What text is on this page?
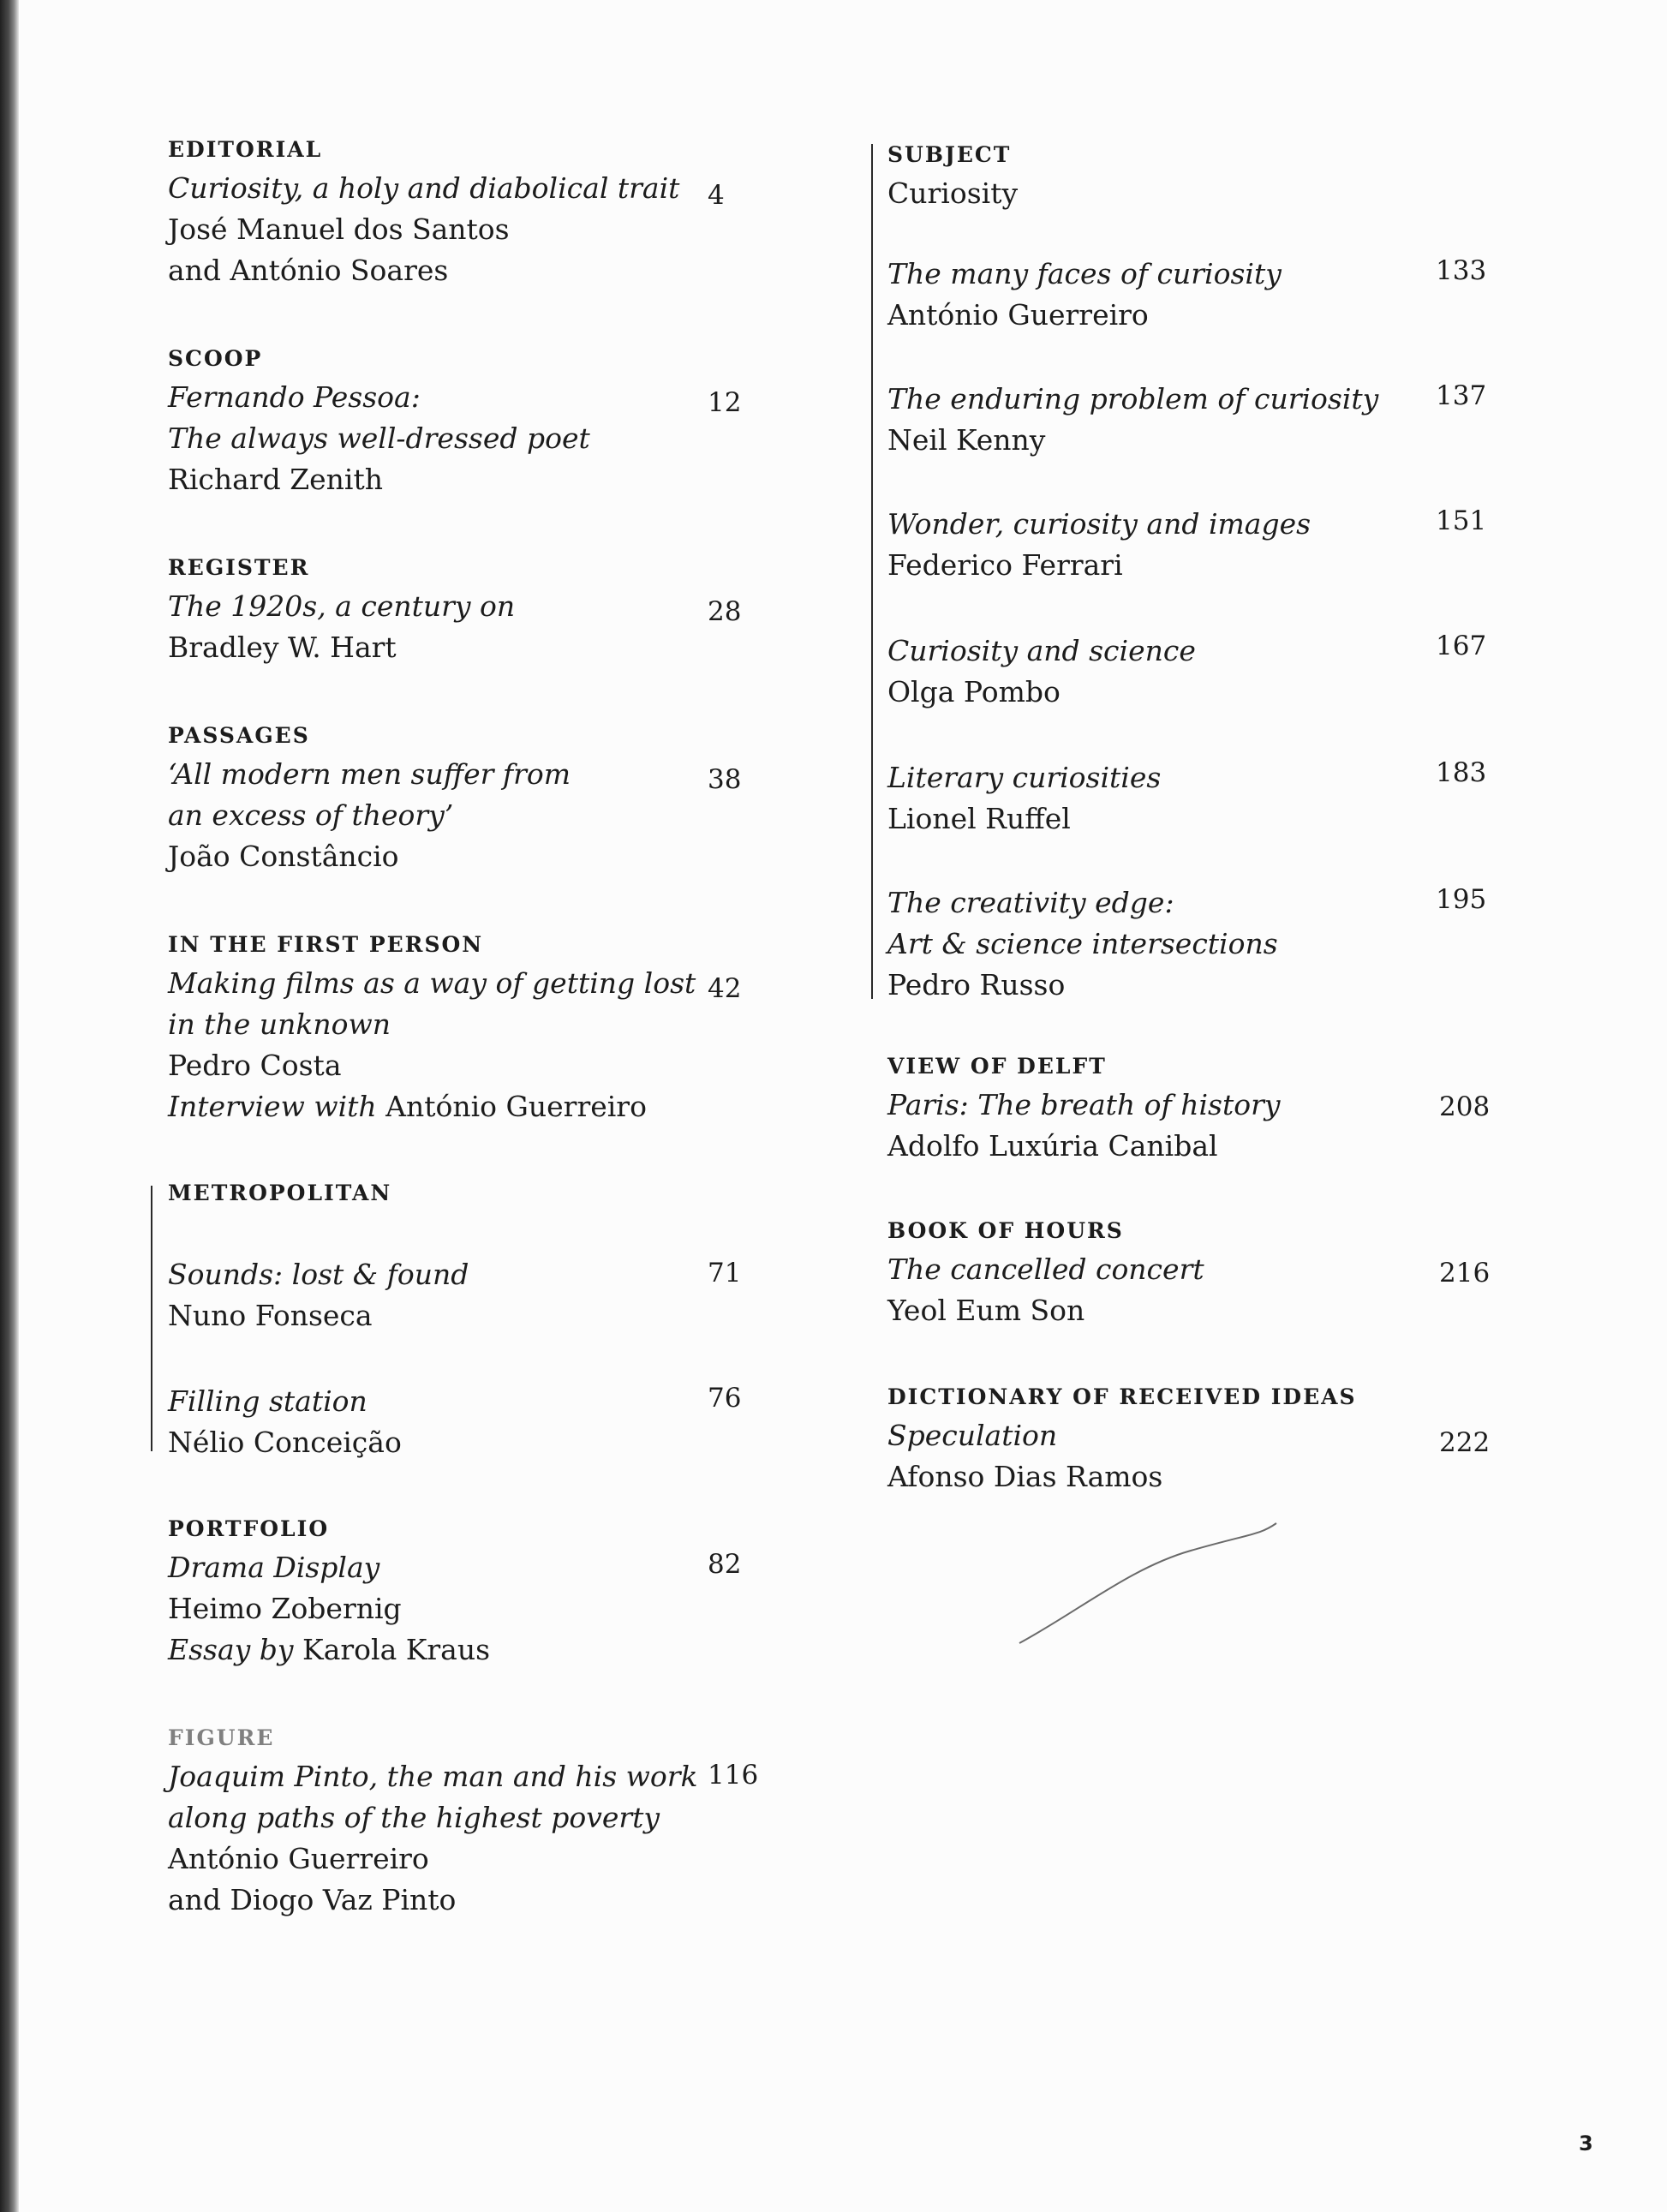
EDITORIAL
Curiosity, a holy and diabolical trait
José Manuel dos Santos
and António Soares
4
SCOOP
Fernando Pessoa:
The always well-dressed poet
Richard Zenith
12
REGISTER
The 1920s, a century on
Bradley W. Hart
28
PASSAGES
‘All modern men suffer from
an excess of theory’
João Constâncio
38
IN THE FIRST PERSON
Making films as a way of getting lost
in the unknown
Pedro Costa
Interview with António Guerreiro
42
METROPOLITAN
Sounds: lost & found
Nuno Fonseca
71
Filling station
Nélio Conceição
76
PORTFOLIO
Drama Display
Heimo Zobernig
Essay by Karola Kraus
82
FIGURE
Joaquim Pinto, the man and his work
along paths of the highest poverty
António Guerreiro
and Diogo Vaz Pinto
116
SUBJECT
Curiosity
The many faces of curiosity
António Guerreiro
133
The enduring problem of curiosity
Neil Kenny
137
Wonder, curiosity and images
Federico Ferrari
151
Curiosity and science
Olga Pombo
167
Literary curiosities
Lionel Ruffel
183
The creativity edge:
Art & science intersections
Pedro Russo
195
VIEW OF DELFT
Paris: The breath of history
Adolfo Luxúria Canibal
208
BOOK OF HOURS
The cancelled concert
Yeol Eum Son
216
DICTIONARY OF RECEIVED IDEAS
Speculation
Afonso Dias Ramos
222
3
